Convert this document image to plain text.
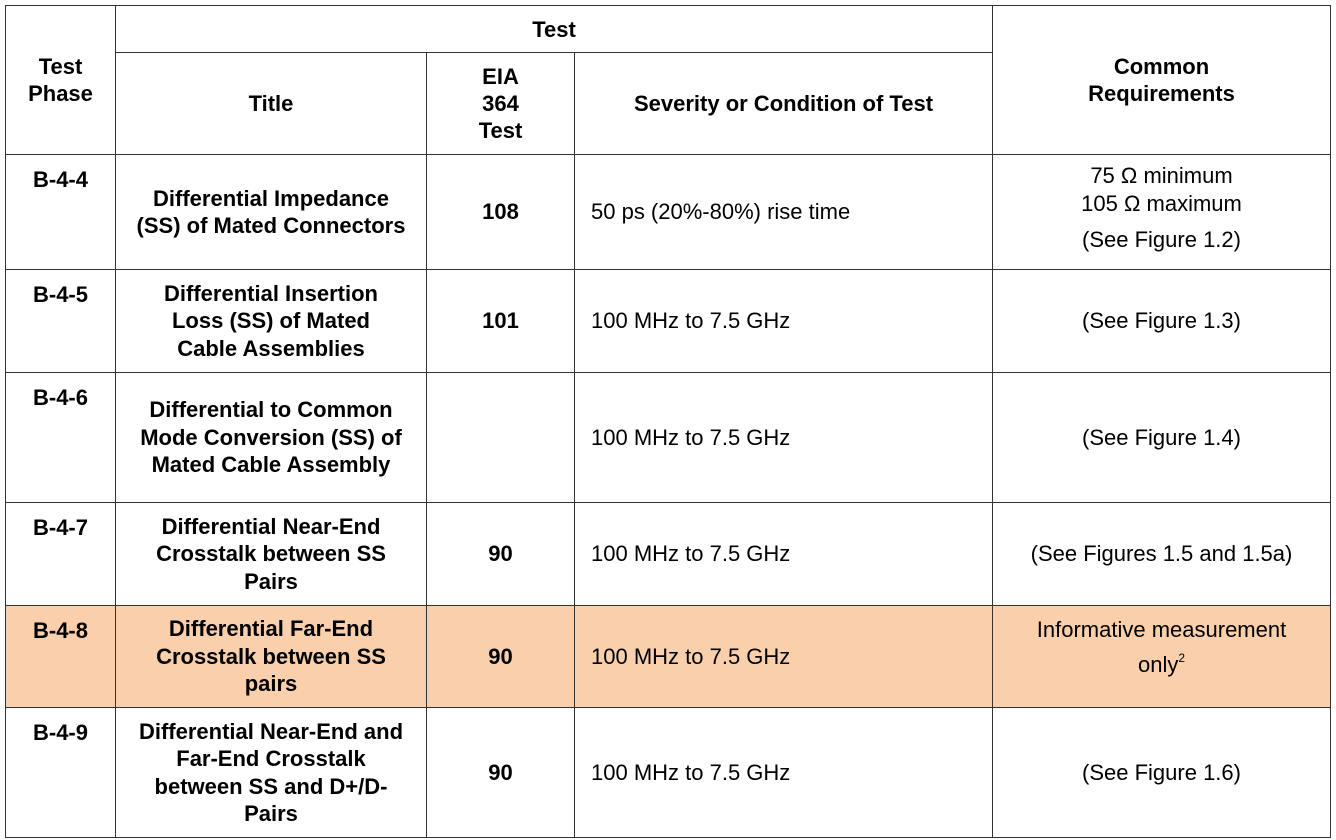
Test Phase	Test			Common Requirements
	Title	EIA 364 Test	Severity or Condition of Test	
B-4-4	Differential Impedance (SS) of Mated Connectors	108	50 ps (20%-80%) rise time	75 Ω minimum
105 Ω maximum
(See Figure 1.2)

B-4-5	Differential Insertion Loss (SS) of Mated Cable Assemblies	101	100 MHz to 7.5 GHz	(See Figure 1.3)
B-4-6	Differential to Common Mode Conversion (SS) of Mated Cable Assembly		100 MHz to 7.5 GHz	(See Figure 1.4)
B-4-7	Differential Near-End Crosstalk between SS Pairs	90	100 MHz to 7.5 GHz	(See Figures 1.5 and 1.5a)
B-4-8	Differential Far-End Crosstalk between SS pairs	90	100 MHz to 7.5 GHz	Informative measurement only$^2$
B-4-9	Differential Near-End and Far-End Crosstalk between SS and D+/D- Pairs	90	100 MHz to 7.5 GHz	(See Figure 1.6)
